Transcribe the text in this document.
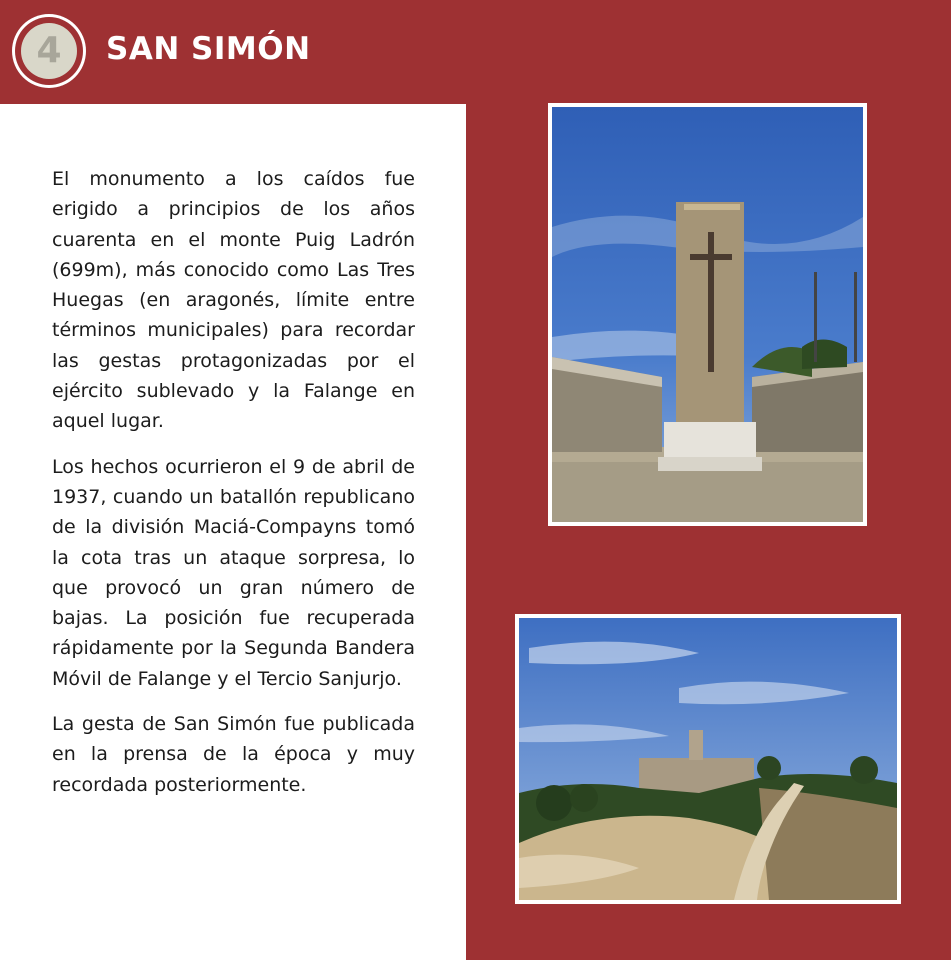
4 SAN SIMÓN

El monumento a los caídos fue erigido a principios de los años cuarenta en el monte Puig Ladrón (699m), más conocido como Las Tres Huegas (en aragonés, límite entre términos municipales) para recordar las gestas protagonizadas por el ejército sublevado y la Falange en aquel lugar.

Los hechos ocurrieron el 9 de abril de 1937, cuando un batallón republicano de la división Maciá-Compayns tomó la cota tras un ataque sorpresa, lo que provocó un gran número de bajas. La posición fue recuperada rápidamente por la Segunda Bandera Móvil de Falange y el Tercio Sanjurjo.

La gesta de San Simón fue publicada en la prensa de la época y muy recordada posteriormente.
